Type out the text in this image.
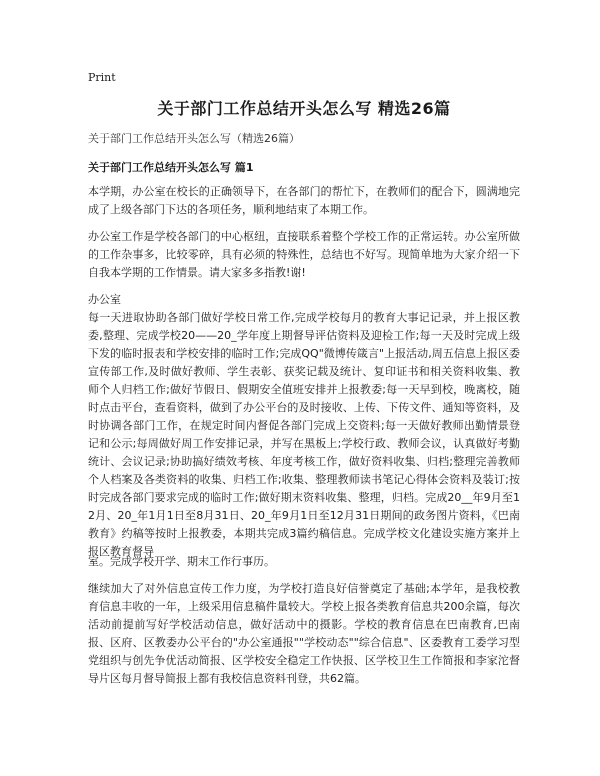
Print
关于部门工作总结开头怎么写 精选26篇
关于部门工作总结开头怎么写（精选26篇）
关于部门工作总结开头怎么写 篇1

本学期，办公室在校长的正确领导下，在各部门的帮忙下，在教师们的配合下，圆满地完成了上级各部门下达的各项任务，顺利地结束了本期工作。

办公室工作是学校各部门的中心枢纽，直接联系着整个学校工作的正常运转。办公室所做的工作杂事多，比较零碎，具有必须的特殊性，总结也不好写。现简单地为大家介绍一下自我本学期的工作情景。请大家多多指教!谢!

办公室

每一天进取协助各部门做好学校日常工作,完成学校每月的教育大事记记录，并上报区教委,整理、完成学校20——20_学年度上期督导评估资料及迎检工作;每一天及时完成上级下发的临时报表和学校安排的临时工作;完成QQ"微博传箴言"上报活动,周五信息上报区委宣传部工作,及时做好教师、学生表彰、获奖记载及统计、复印证书和相关资料收集、教师个人归档工作;做好节假日、假期安全值班安排并上报教委;每一天早到校，晚离校，随时点击平台，查看资料，做到了办公平台的及时接收、上传、下传文件、通知等资料，及时协调各部门工作，在规定时间内督促各部门完成上交资料;每一天做好教师出勤情景登记和公示;每周做好周工作安排记录，并写在黑板上;学校行政、教师会议，认真做好考勤统计、会议记录;协助搞好绩效考核、年度考核工作，做好资料收集、归档;整理完善教师个人档案及各类资料的收集、归档工作;收集、整理教师读书笔记心得体会资料及装订;按时完成各部门要求完成的临时工作;做好期末资料收集、整理，归档。完成20__年9月至12月、20_年1月1日至8月31日、20_年9月1日至12月31日期间的政务图片资料，《巴南教育》约稿等按时上报教委，本期共完成3篇约稿信息。完成学校文化建设实施方案并上报区教育督导

室。完成学校开学、期末工作行事历。

继续加大了对外信息宣传工作力度，为学校打造良好信誉奠定了基础;本学年，是我校教育信息丰收的一年，上级采用信息稿件量较大。学校上报各类教育信息共200余篇，每次活动前提前写好学校活动信息，做好活动中的摄影。学校的教育信息在巴南教育,巴南报、区府、区教委办公平台的"办公室通报""学校动态""综合信息"、区委教育工委学习型党组织与创先争优活动简报、区学校安全稳定工作快报、区学校卫生工作简报和李家沱督导片区每月督导简报上都有我校信息资料刊登，共62篇。
